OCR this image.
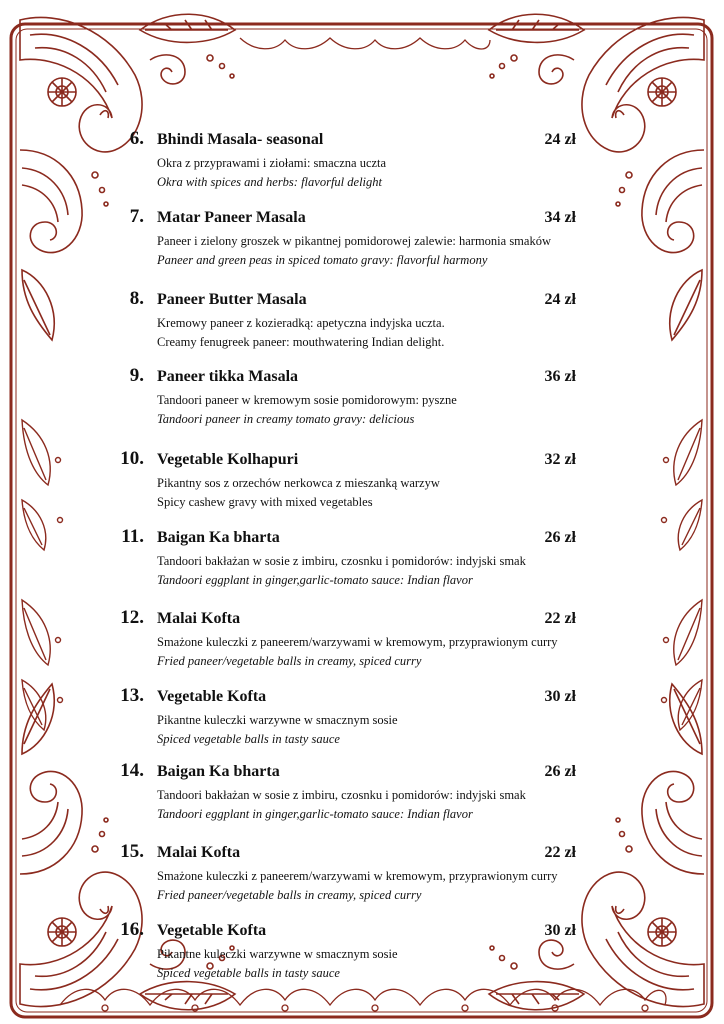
6. Bhindi Masala- seasonal	24 zł
Okra z przyprawami i ziołami: smaczna uczta
Okra with spices and herbs: flavorful delight
7. Matar Paneer Masala	34 zł
Paneer i zielony groszek w pikantnej pomidorowej zalewie: harmonia smaków
Paneer and green peas in spiced tomato gravy: flavorful harmony
8. Paneer Butter Masala	24 zł
Kremowy paneer z kozieradką: apetyczna indyjska uczta.
Creamy fenugreek paneer: mouthwatering Indian delight.
9. Paneer tikka Masala	36 zł
Tandoori paneer w kremowym sosie pomidorowym: pyszne
Tandoori paneer in creamy tomato gravy: delicious
10. Vegetable Kolhapuri	32 zł
Pikantny sos z orzechów nerkowca z mieszanką warzyw
Spicy cashew gravy with mixed vegetables
11. Baigan Ka bharta	26 zł
Tandoori bakłażan w sosie z imbiru, czosnku i pomidorów: indyjski smak
Tandoori eggplant in ginger,garlic-tomato sauce: Indian flavor
12. Malai Kofta	22 zł
Smażone kuleczki z paneerem/warzywami w kremowym, przyprawionym curry
Fried paneer/vegetable balls in creamy, spiced curry
13. Vegetable Kofta	30 zł
Pikantne kuleczki warzywne w smacznym sosie
Spiced vegetable balls in tasty sauce
14. Baigan Ka bharta	26 zł
Tandoori bakłażan w sosie z imbiru, czosnku i pomidorów: indyjski smak
Tandoori eggplant in ginger,garlic-tomato sauce: Indian flavor
15. Malai Kofta	22 zł
Smażone kuleczki z paneerem/warzywami w kremowym, przyprawionym curry
Fried paneer/vegetable balls in creamy, spiced curry
16. Vegetable Kofta	30 zł
Pikantne kuleczki warzywne w smacznym sosie
Spiced vegetable balls in tasty sauce
